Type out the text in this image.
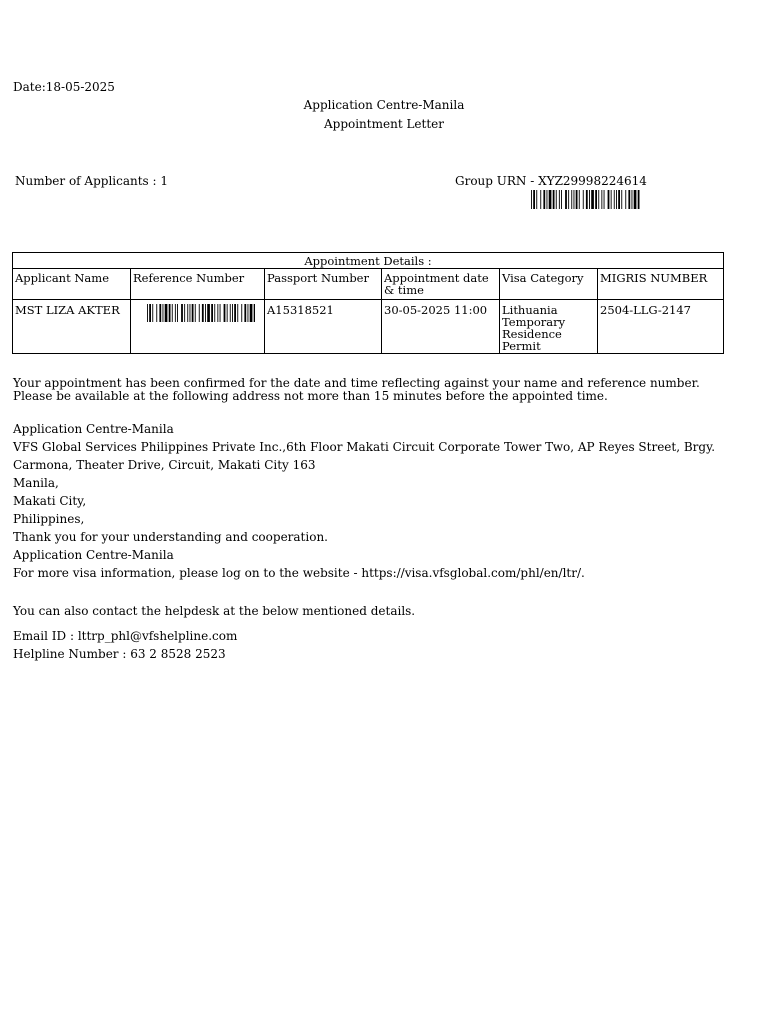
Date:18-05-2025
Application Centre-Manila
Appointment Letter
Number of Applicants : 1	Group URN - XYZ29998224614
Appointment Details :					
Applicant Name	Reference Number	Passport Number	Appointment date & time	Visa Category	MIGRIS NUMBER
MST LIZA AKTER		A15318521	30-05-2025 11:00	Lithuania Temporary Residence Permit	2504-LLG-2147
Your appointment has been confirmed for the date and time reflecting against your name and reference number. Please be available at the following address not more than 15 minutes before the appointed time.
Application Centre-Manila
VFS Global Services Philippines Private Inc.,6th Floor Makati Circuit Corporate Tower Two, AP Reyes Street, Brgy. Carmona, Theater Drive, Circuit, Makati City 163
Manila,
Makati City,
Philippines,
Thank you for your understanding and cooperation.
Application Centre-Manila
For more visa information, please log on to the website - https://visa.vfsglobal.com/phl/en/ltr/.
You can also contact the helpdesk at the below mentioned details.
Email ID : lttrp_phl@vfshelpline.com
Helpline Number : 63 2 8528 2523
